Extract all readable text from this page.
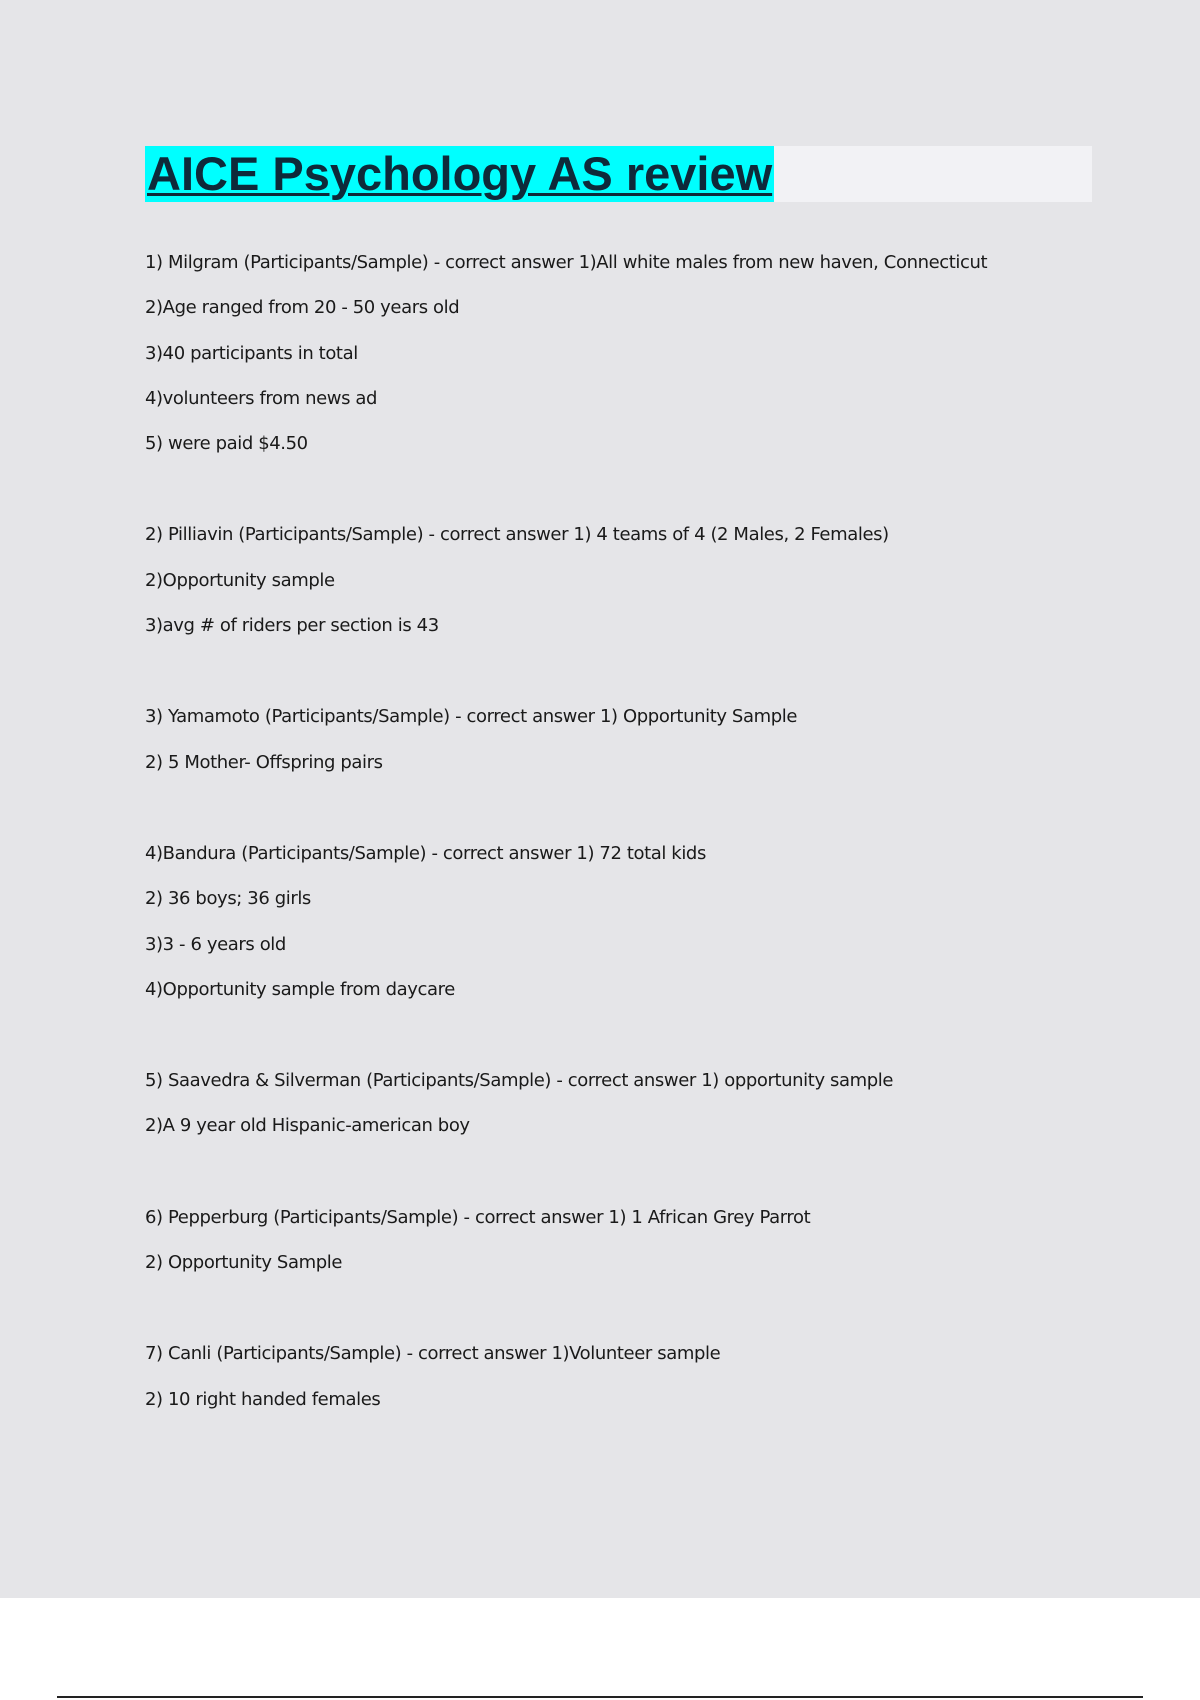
AICE Psychology AS review
1) Milgram (Participants/Sample) - correct answer 1)All white males from new haven, Connecticut
2)Age ranged from 20 - 50 years old
3)40 participants in total
4)volunteers from news ad
5) were paid $4.50
2) Pilliavin (Participants/Sample) - correct answer 1) 4 teams of 4 (2 Males, 2 Females)
2)Opportunity sample
3)avg # of riders per section is 43
3) Yamamoto (Participants/Sample) - correct answer 1) Opportunity Sample
2) 5 Mother- Offspring pairs
4)Bandura (Participants/Sample) - correct answer 1) 72 total kids
2) 36 boys; 36 girls
3)3 - 6 years old
4)Opportunity sample from daycare
5) Saavedra & Silverman (Participants/Sample) - correct answer 1) opportunity sample
2)A 9 year old Hispanic-american boy
6) Pepperburg (Participants/Sample) - correct answer 1) 1 African Grey Parrot
2) Opportunity Sample
7) Canli (Participants/Sample) - correct answer 1)Volunteer sample
2) 10 right handed females
